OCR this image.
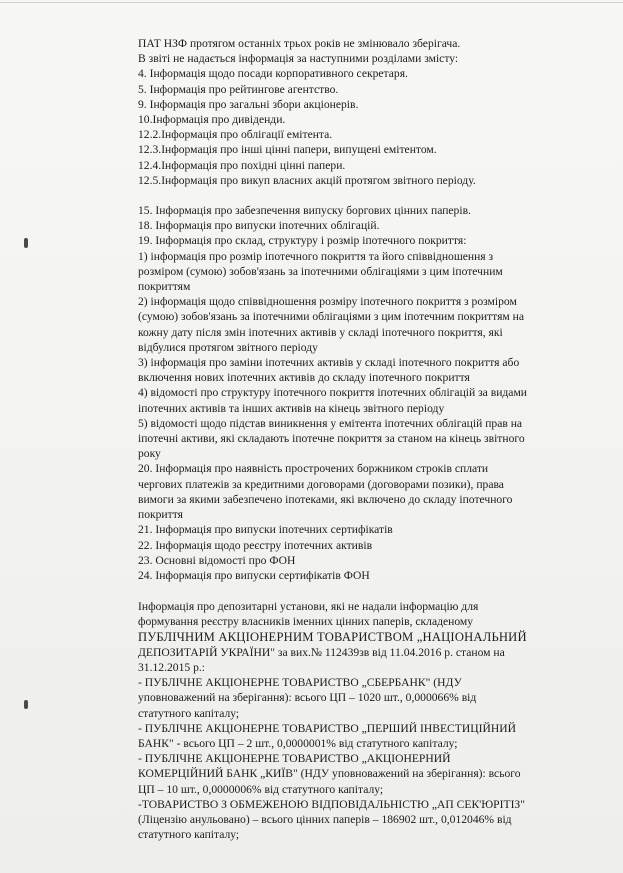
ПАТ НЗФ протягом останніх трьох років не змінювало зберігача.
В звіті не надається інформація за наступними розділами змісту:
4. Інформація щодо посади корпоративного секретаря.
5. Інформація про рейтингове агентство.
9. Інформація про загальні збори акціонерів.
10.Інформація про дивіденди.
12.2.Інформація про облігації емітента.
12.3.Інформація про інші цінні папери, випущені емітентом.
12.4.Інформація про похідні цінні папери.
12.5.Інформація про викуп власних акцій протягом звітного періоду.
15. Інформація про забезпечення випуску боргових цінних паперів.
18. Інформація про випуски іпотечних облігацій.
19. Інформація про склад, структуру і розмір іпотечного покриття:
1) інформація про розмір іпотечного покриття та його співвідношення з
розміром (сумою) зобов'язань за іпотечними облігаціями з цим іпотечним
покриттям
2) інформація щодо співвідношення розміру іпотечного покриття з розміром
(сумою) зобов'язань за іпотечними облігаціями з цим іпотечним покриттям на
кожну дату після змін іпотечних активів у складі іпотечного покриття, які
відбулися протягом звітного періоду
3) інформація про заміни іпотечних активів у складі іпотечного покриття або
включення нових іпотечних активів до складу іпотечного покриття
4) відомості про структуру іпотечного покриття іпотечних облігацій за видами
іпотечних активів та інших активів на кінець звітного періоду
5) відомості щодо підстав виникнення у емітента іпотечних облігацій прав на
іпотечні активи, які складають іпотечне покриття за станом на кінець звітного
року
20. Інформація про наявність прострочених боржником строків сплати
чергових платежів за кредитними договорами (договорами позики), права
вимоги за якими забезпечено іпотеками, які включено до складу іпотечного
покриття
21. Інформація про випуски іпотечних сертифікатів
22. Інформація щодо реєстру іпотечних активів
23. Основні відомості про ФОН
24. Інформація про випуски сертифікатів ФОН
Інформація про депозитарні установи, які не надали інформацію для
формування реєстру власників іменних цінних паперів, складеному
ПУБЛІЧНИМ АКЦІОНЕРНИМ ТОВАРИСТВОМ „НАЦІОНАЛЬНИЙ
ДЕПОЗИТАРІЙ УКРАЇНИ" за вих.№ 112439зв від 11.04.2016 р. станом на
31.12.2015 р.:
- ПУБЛІЧНЕ АКЦІОНЕРНЕ ТОВАРИСТВО „СБЕРБАНК" (НДУ
уповноважений на зберігання): всього ЦП – 1020 шт., 0,000066% від
статутного капіталу;
- ПУБЛІЧНЕ АКЦІОНЕРНЕ ТОВАРИСТВО „ПЕРШИЙ ІНВЕСТИЦІЙНИЙ
БАНК" - всього ЦП – 2 шт., 0,0000001% від статутного капіталу;
- ПУБЛІЧНЕ АКЦІОНЕРНЕ ТОВАРИСТВО „АКЦІОНЕРНИЙ
КОМЕРЦІЙНИЙ БАНК „КИЇВ" (НДУ уповноважений на зберігання): всього
ЦП – 10 шт., 0,0000006% від статутного капіталу;
-ТОВАРИСТВО З ОБМЕЖЕНОЮ ВІДПОВІДАЛЬНІСТЮ „АП СЕК'ЮРІТІЗ"
(Ліцензію анульовано) – всього цінних паперів – 186902 шт., 0,012046% від
статутного капіталу;
